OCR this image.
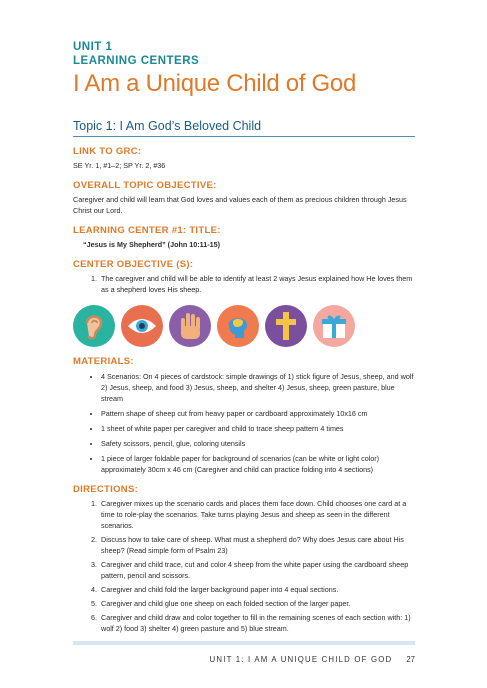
UNIT 1
LEARNING CENTERS
I Am a Unique Child of God
Topic 1: I Am God’s Beloved Child
LINK TO GRC:
SE Yr. 1, #1–2; SP Yr. 2, #36
OVERALL TOPIC OBJECTIVE:
Caregiver and child will learn that God loves and values each of them as precious children through Jesus Christ our Lord.
LEARNING CENTER #1: TITLE:
“Jesus is My Shepherd” (John 10:11-15)
CENTER OBJECTIVE (S):
1. The caregiver and child will be able to identify at least 2 ways Jesus explained how He loves them as a shepherd loves His sheep.
MATERIALS:
• 4 Scenarios: On 4 pieces of cardstock: simple drawings of 1) stick figure of Jesus, sheep, and wolf 2) Jesus, sheep, and food 3) Jesus, sheep, and shelter 4) Jesus, sheep, green pasture, blue stream
• Pattern shape of sheep cut from heavy paper or cardboard approximately 10x16 cm
• 1 sheet of white paper per caregiver and child to trace sheep pattern 4 times
• Safety scissors, pencil, glue, coloring utensils
• 1 piece of larger foldable paper for background of scenarios (can be white or light color) approximately 30cm x 46 cm (Caregiver and child can practice folding into 4 sections)
DIRECTIONS:
1. Caregiver mixes up the scenario cards and places them face down. Child chooses one card at a time to role-play the scenarios. Take turns playing Jesus and sheep as seen in the different scenarios.
2. Discuss how to take care of sheep. What must a shepherd do? Why does Jesus care about His sheep? (Read simple form of Psalm 23)
3. Caregiver and child trace, cut and color 4 sheep from the white paper using the cardboard sheep pattern, pencil and scissors.
4. Caregiver and child fold the larger background paper into 4 equal sections.
5. Caregiver and child glue one sheep on each folded section of the larger paper.
6. Caregiver and child draw and color together to fill in the remaining scenes of each section with: 1) wolf 2) food 3) shelter 4) green pasture and 5) blue stream.
UNIT 1: I AM A UNIQUE CHILD OF GOD 27
